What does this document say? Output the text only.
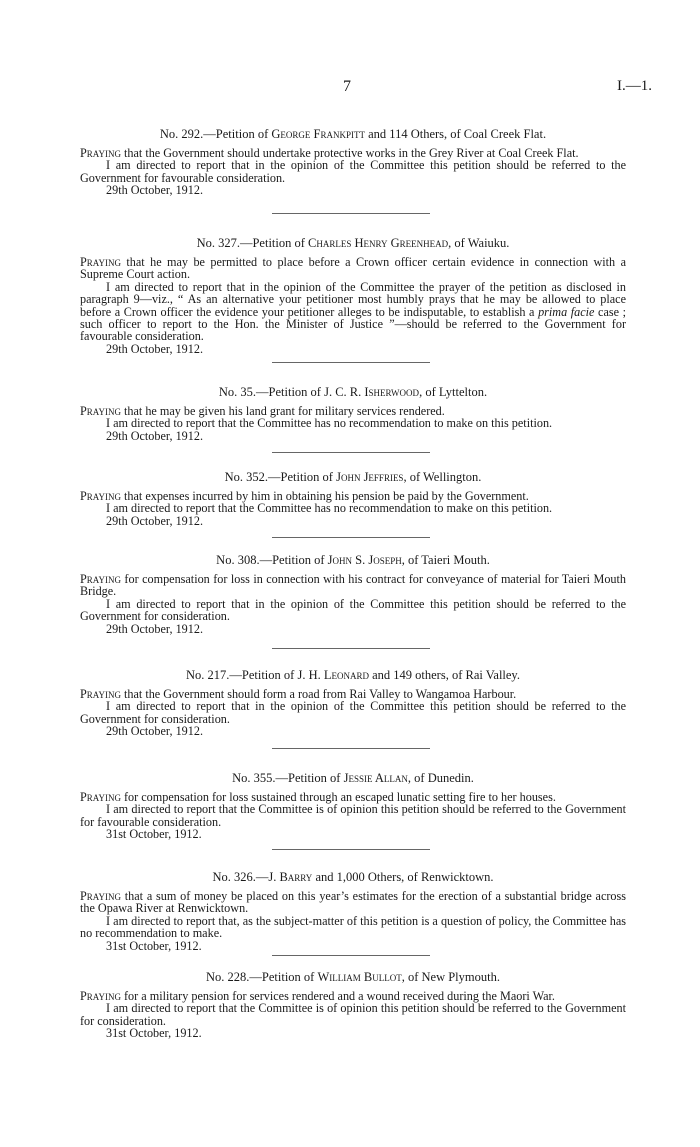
7	I.—1.
No. 292.—Petition of George Frankpitt and 114 Others, of Coal Creek Flat.

Praying that the Government should undertake protective works in the Grey River at Coal Creek Flat.

I am directed to report that in the opinion of the Committee this petition should be referred to the Government for favourable consideration.

29th October, 1912.
No. 327.—Petition of Charles Henry Greenhead, of Waiuku.

Praying that he may be permitted to place before a Crown officer certain evidence in connection with a Supreme Court action.

I am directed to report that in the opinion of the Committee the prayer of the petition as disclosed in paragraph 9—viz., “ As an alternative your petitioner most humbly prays that he may be allowed to place before a Crown officer the evidence your petitioner alleges to be indisputable, to establish a prima facie case ; such officer to report to the Hon. the Minister of Justice ”—should be referred to the Government for favourable consideration.

29th October, 1912.
No. 35.—Petition of J. C. R. Isherwood, of Lyttelton.

Praying that he may be given his land grant for military services rendered.

I am directed to report that the Committee has no recommendation to make on this petition.

29th October, 1912.
No. 352.—Petition of John Jeffries, of Wellington.

Praying that expenses incurred by him in obtaining his pension be paid by the Government.

I am directed to report that the Committee has no recommendation to make on this petition.

29th October, 1912.
No. 308.—Petition of John S. Joseph, of Taieri Mouth.

Praying for compensation for loss in connection with his contract for conveyance of material for Taieri Mouth Bridge.

I am directed to report that in the opinion of the Committee this petition should be referred to the Government for consideration.

29th October, 1912.
No. 217.—Petition of J. H. Leonard and 149 others, of Rai Valley.

Praying that the Government should form a road from Rai Valley to Wangamoa Harbour.

I am directed to report that in the opinion of the Committee this petition should be referred to the Government for consideration.

29th October, 1912.
No. 355.—Petition of Jessie Allan, of Dunedin.

Praying for compensation for loss sustained through an escaped lunatic setting fire to her houses.

I am directed to report that the Committee is of opinion this petition should be referred to the Government for favourable consideration.

31st October, 1912.
No. 326.—J. Barry and 1,000 Others, of Renwicktown.

Praying that a sum of money be placed on this year’s estimates for the erection of a substantial bridge across the Opawa River at Renwicktown.

I am directed to report that, as the subject-matter of this petition is a question of policy, the Committee has no recommendation to make.

31st October, 1912.
No. 228.—Petition of William Bullot, of New Plymouth.

Praying for a military pension for services rendered and a wound received during the Maori War.

I am directed to report that the Committee is of opinion this petition should be referred to the Government for consideration.

31st October, 1912.
